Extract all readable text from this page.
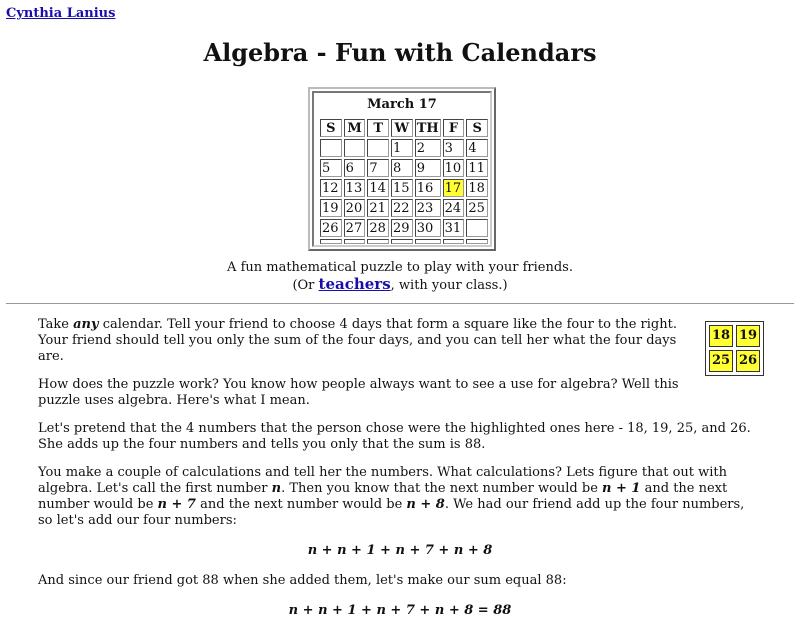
Cynthia Lanius
Algebra - Fun with Calendars
March 17
S	M	T	W	TH	F	S
			1	2	3	4
5	6	7	8	9	10	11
12	13	14	15	16	17	18
19	20	21	22	23	24	25
26	27	28	29	30	31	

A fun mathematical puzzle to play with your friends.
(Or teachers, with your class.)
18	19
25	26

Take any calendar. Tell your friend to choose 4 days that form a square like the four to the right. Your friend should tell you only the sum of the four days, and you can tell her what the four days are.

How does the puzzle work? You know how people always want to see a use for algebra? Well this puzzle uses algebra. Here's what I mean.

Let's pretend that the 4 numbers that the person chose were the highlighted ones here - 18, 19, 25, and 26. She adds up the four numbers and tells you only that the sum is 88.

You make a couple of calculations and tell her the numbers. What calculations? Lets figure that out with algebra. Let's call the first number n. Then you know that the next number would be n + 1 and the next number would be n + 7 and the next number would be n + 8. We had our friend add up the four numbers, so let's add our four numbers:

n + n + 1 + n + 7 + n + 8

And since our friend got 88 when she added them, let's make our sum equal 88:

n + n + 1 + n + 7 + n + 8 = 88
